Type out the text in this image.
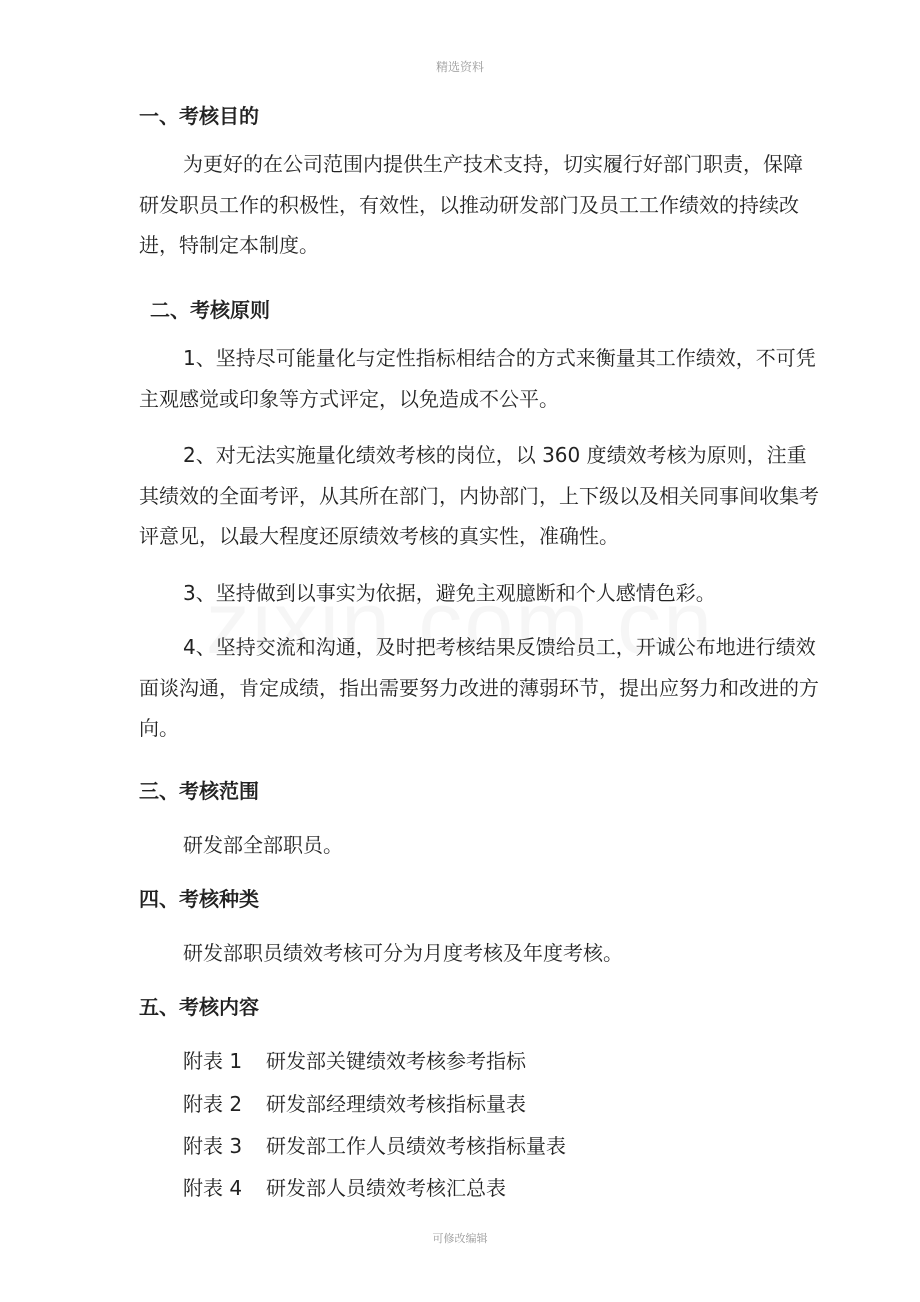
精选资料
一、考核目的

为更好的在公司范围内提供生产技术支持，切实履行好部门职责，保障研发职员工作的积极性，有效性，以推动研发部门及员工工作绩效的持续改进，特制定本制度。

二、考核原则

1、坚持尽可能量化与定性指标相结合的方式来衡量其工作绩效，不可凭主观感觉或印象等方式评定，以免造成不公平。

2、对无法实施量化绩效考核的岗位，以 360 度绩效考核为原则，注重其绩效的全面考评，从其所在部门，内协部门，上下级以及相关同事间收集考评意见，以最大程度还原绩效考核的真实性，准确性。

3、坚持做到以事实为依据，避免主观臆断和个人感情色彩。

4、坚持交流和沟通，及时把考核结果反馈给员工，开诚公布地进行绩效面谈沟通，肯定成绩，指出需要努力改进的薄弱环节，提出应努力和改进的方向。

三、考核范围
研发部全部职员。
四、考核种类
研发部职员绩效考核可分为月度考核及年度考核。
五、考核内容
附表 1 研发部关键绩效考核参考指标
附表 2 研发部经理绩效考核指标量表
附表 3 研发部工作人员绩效考核指标量表
附表 4 研发部人员绩效考核汇总表
可修改编辑
